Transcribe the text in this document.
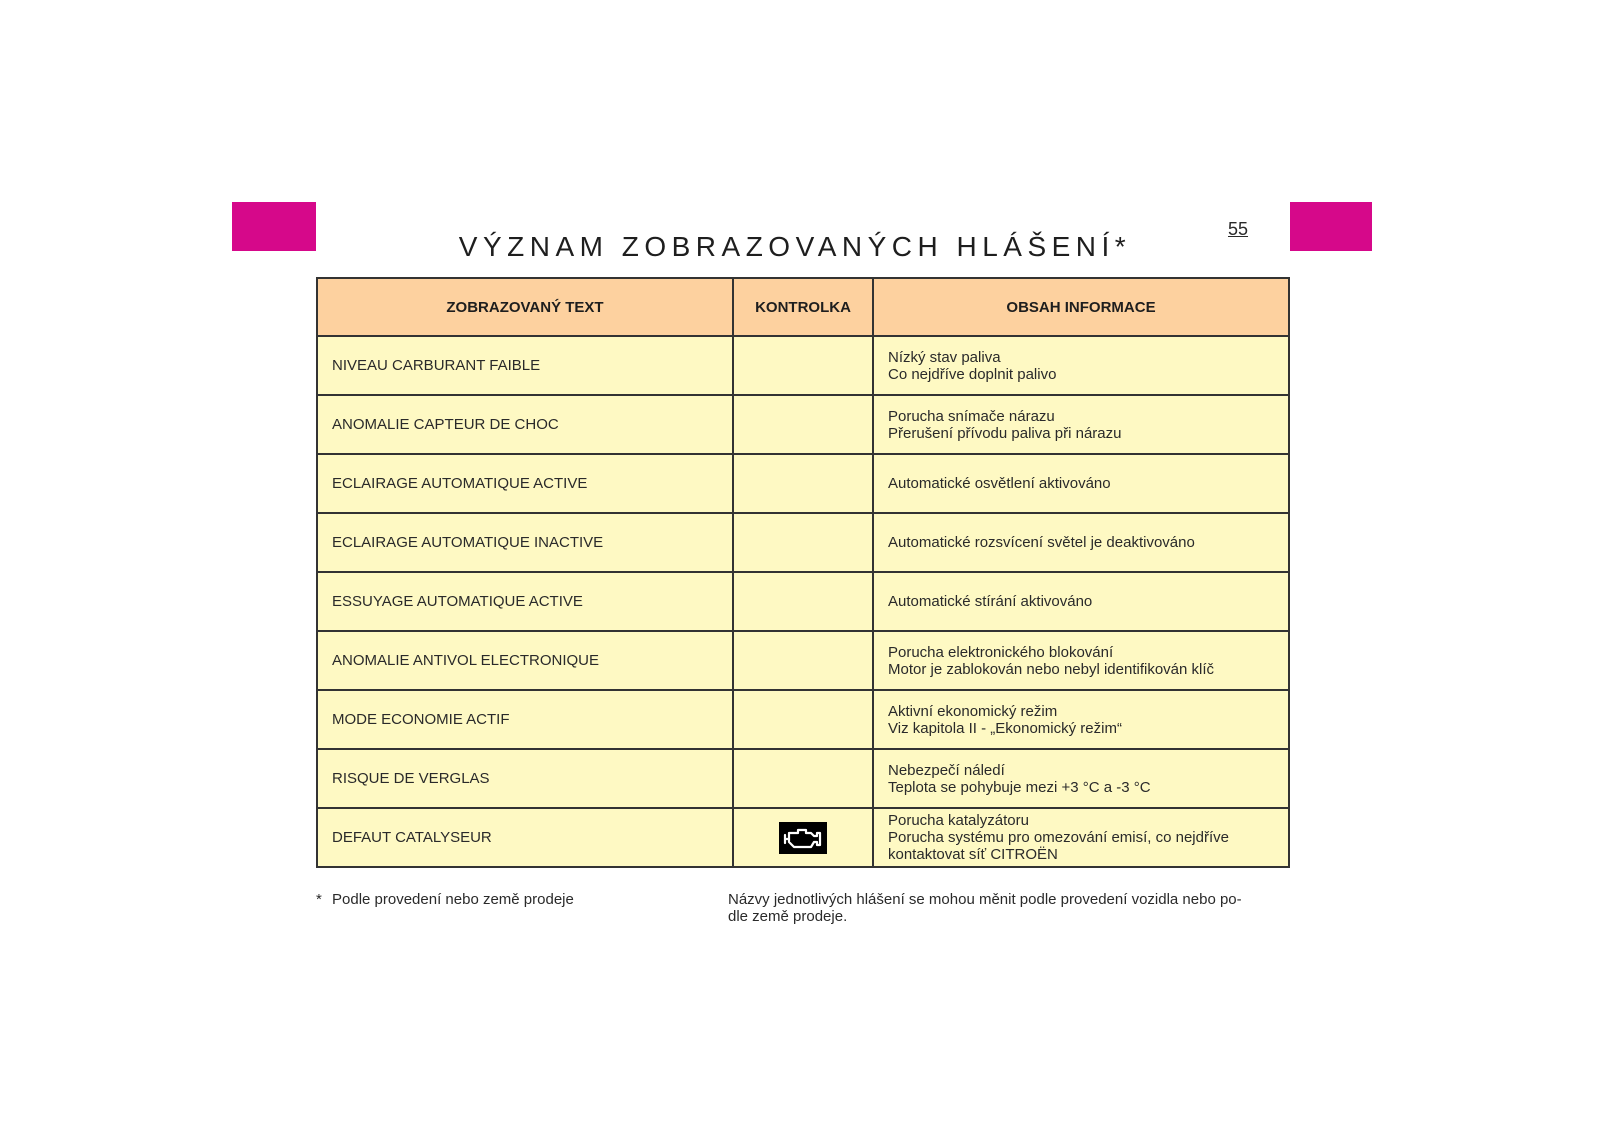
VÝZNAM ZOBRAZOVANÝCH HLÁŠENÍ*
55
ZOBRAZOVANÝ TEXT	KONTROLKA	OBSAH INFORMACE
NIVEAU CARBURANT FAIBLE		Nízký stav paliva
Co nejdříve doplnit palivo

ANOMALIE CAPTEUR DE CHOC		Porucha snímače nárazu
Přerušení přívodu paliva při nárazu

ECLAIRAGE AUTOMATIQUE ACTIVE		Automatické osvětlení aktivováno

ECLAIRAGE AUTOMATIQUE INACTIVE		Automatické rozsvícení světel je deaktivováno

ESSUYAGE AUTOMATIQUE ACTIVE		Automatické stírání aktivováno

ANOMALIE ANTIVOL ELECTRONIQUE		Porucha elektronického blokování
Motor je zablokován nebo nebyl identifikován klíč

MODE ECONOMIE ACTIF		Aktivní ekonomický režim
Viz kapitola II - „Ekonomický režim“

RISQUE DE VERGLAS		Nebezpečí náledí
Teplota se pohybuje mezi +3 °C a -3 °C

DEFAUT CATALYSEUR		Porucha katalyzátoru
Porucha systému pro omezování emisí, co nejdříve
kontaktovat síť CITROËN
* Podle provedení nebo země prodeje	Názvy jednotlivých hlášení se mohou měnit podle provedení vozidla nebo po-
dle země prodeje.
